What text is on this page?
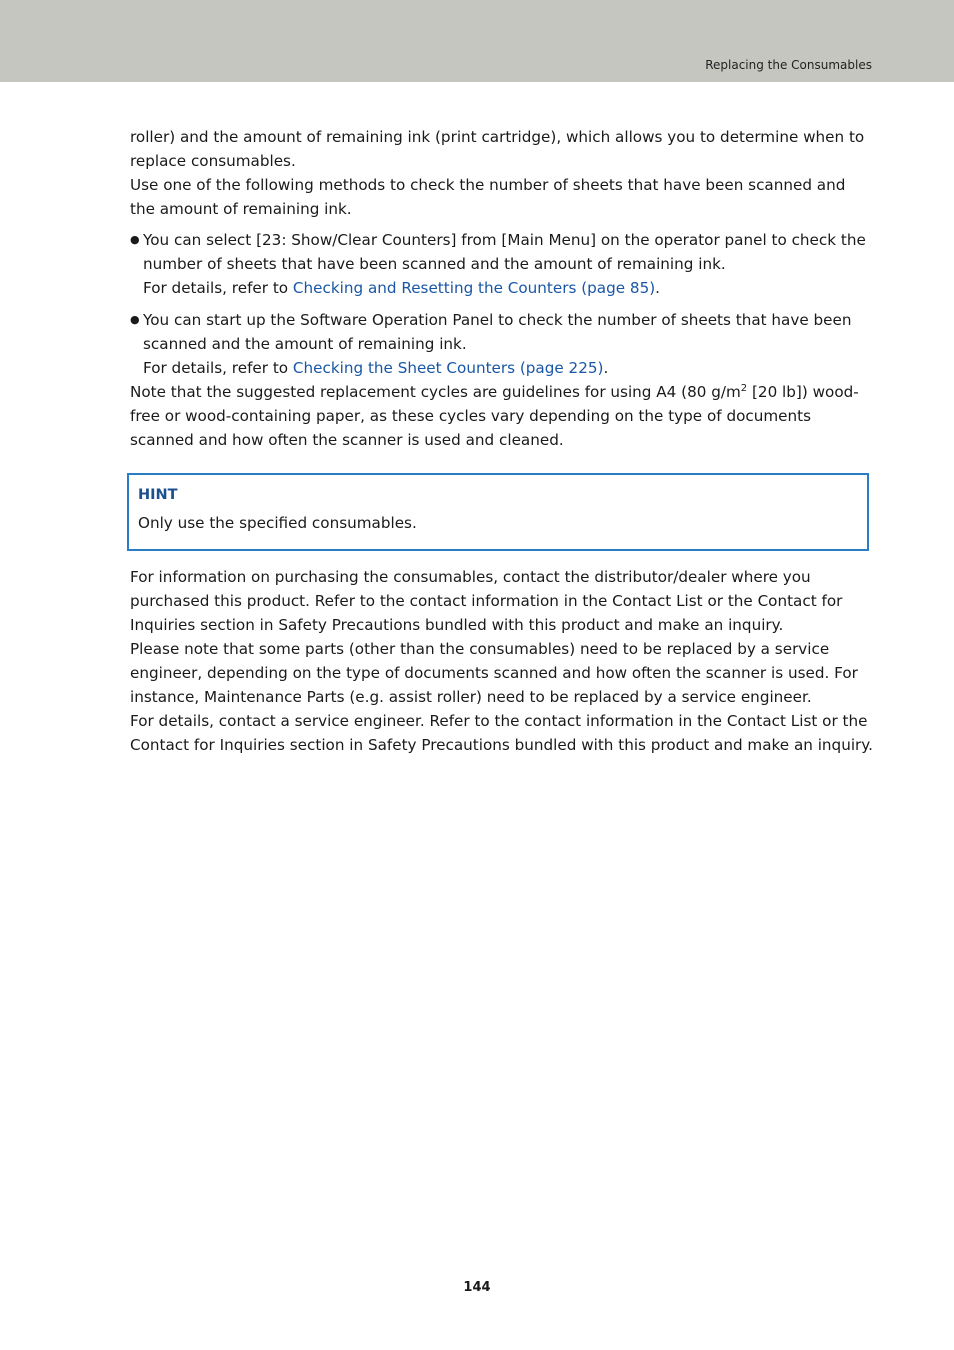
Replacing the Consumables

roller) and the amount of remaining ink (print cartridge), which allows you to determine when to replace consumables.

Use one of the following methods to check the number of sheets that have been scanned and the amount of remaining ink.

● You can select [23: Show/Clear Counters] from [Main Menu] on the operator panel to check the number of sheets that have been scanned and the amount of remaining ink.
For details, refer to Checking and Resetting the Counters (page 85).
● You can start up the Software Operation Panel to check the number of sheets that have been scanned and the amount of remaining ink.
For details, refer to Checking the Sheet Counters (page 225).

Note that the suggested replacement cycles are guidelines for using A4 (80 $g/m^2$ [20 lb]) wood-free or wood-containing paper, as these cycles vary depending on the type of documents scanned and how often the scanner is used and cleaned.

HINT
Only use the specified consumables.

For information on purchasing the consumables, contact the distributor/dealer where you purchased this product. Refer to the contact information in the Contact List or the Contact for Inquiries section in Safety Precautions bundled with this product and make an inquiry.

Please note that some parts (other than the consumables) need to be replaced by a service engineer, depending on the type of documents scanned and how often the scanner is used. For instance, Maintenance Parts (e.g. assist roller) need to be replaced by a service engineer.

For details, contact a service engineer. Refer to the contact information in the Contact List or the Contact for Inquiries section in Safety Precautions bundled with this product and make an inquiry.

144
